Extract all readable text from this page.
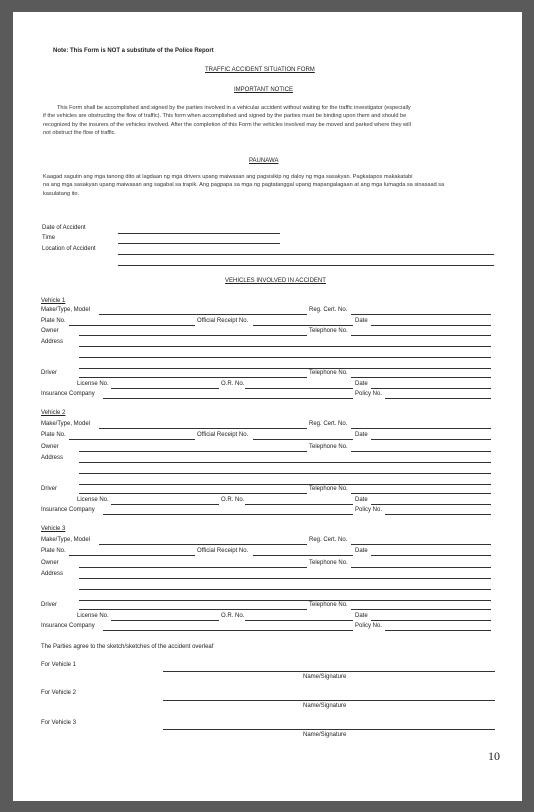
Note: This Form is NOT a substitute of the Police Report
TRAFFIC ACCIDENT SITUATION FORM
IMPORTANT NOTICE
This Form shall be accomplished and signed by the parties involved in a vehicular accident without waiting for the traffic investigator (especially
if the vehicles are obstructing the flow of traffic). This form when accomplished and signed by the parties must be binding upon them and should be
recognized by the insurers of the vehicles involved. After the completion of this Form the vehicles involved may be moved and parked where they will
not obstruct the flow of traffic.
PAUNAWA
Kaagad sagutin ang mga tanong dito at lagdaan ng mga drivers upang maiwasan ang pagsisikip ng daloy ng mga sasakyan. Pagkatapos makakatabi
na ang mga sasakyan upang maiwasan ang sagabal sa trapik. Ang pagpapa sa mga ng pagtatanggal upang mapangalagaan at ang mga lumagda sa sinasaad sa
kasulatang ito.
Date of Accident
Time
Location of Accident
VEHICLES INVOLVED IN ACCIDENT
Vehicle 1
Make/Type, Model	Reg. Cert. No.
Plate No.	Official Receipt No.	Date
Owner	Telephone No.
Address
Driver	Telephone No.
License No.	O.R. No.	Date
Insurance Company	Policy No.
Vehicle 2
Make/Type, Model	Reg. Cert. No.
Plate No.	Official Receipt No.	Date
Owner	Telephone No.
Address
Driver	Telephone No.
License No.	O.R. No.	Date
Insurance Company	Policy No.
Vehicle 3
Make/Type, Model	Reg. Cert. No.
Plate No.	Official Receipt No.	Date
Owner	Telephone No.
Address
Driver	Telephone No.
License No.	O.R. No.	Date
Insurance Company	Policy No.
The Parties agree to the sketch/sketches of the accident overleaf
For Vehicle 1
Name/Signature
For Vehicle 2
Name/Signature
For Vehicle 3
Name/Signature
10
